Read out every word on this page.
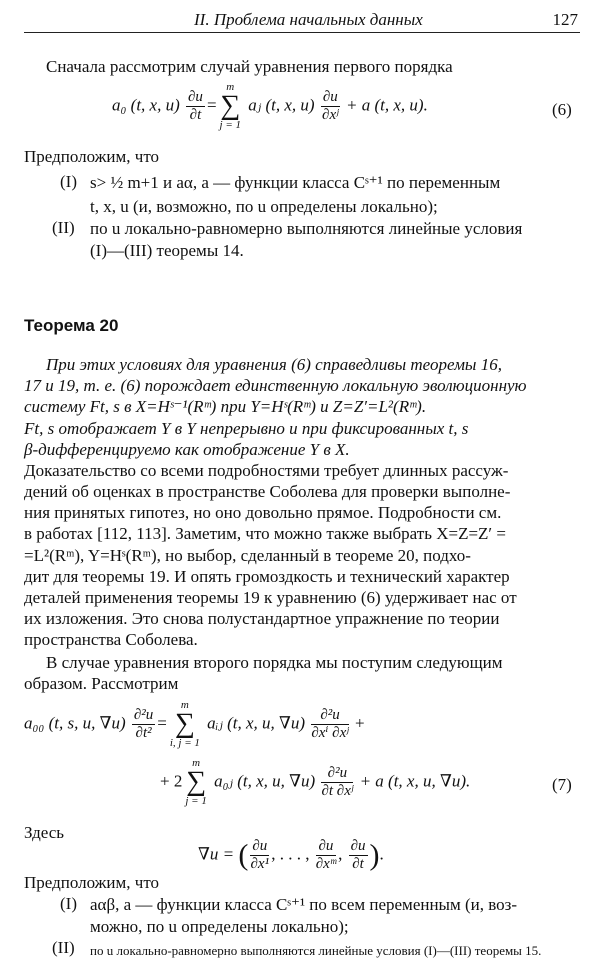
II. Проблема начальных данных	127
Сначала рассмотрим случай уравнения первого порядка
a₀ (t, x, $u) \frac{\partial u}{\partial t}$ =
m
∑
j = 1
aⱼ (t, x, $u) \frac{\partial u}{\text{∂xʲ}} + a$ (t, x, u).	(6)
Предположим, что
(I) s> ½ m+1 и aα, a — функции класса Cˢ⁺¹ по переменным
t, x, u (и, возможно, по u определены локально);
(II) по u локально-равномерно выполняются линейные условия
(I)—(III) теоремы 14.
Теорема 20
При этих условиях для уравнения (6) справедливы теоремы 16,
17 и 19, т. е. (6) порождает единственную локальную эволюционную
систему Ft, s в X=Hˢ⁻¹(Rᵐ) при Y=Hˢ(Rᵐ) и Z=Z′=L²(Rᵐ).
Ft, s отображает Y в Y непрерывно и при фиксированных t, s
β-дифференцируемо как отображение Y в X.
Доказательство со всеми подробностями требует длинных рассуж-
дений об оценках в пространстве Соболева для проверки выполне-
ния принятых гипотез, но оно довольно прямое. Подробности см.
в работах [112, 113]. Заметим, что можно также выбрать X=Z=Z′ =
=L²(Rᵐ), Y=Hˢ(Rᵐ), но выбор, сделанный в теореме 20, подхо-
дит для теоремы 19. И опять громоздкость и технический характер
деталей применения теоремы 19 к уравнению (6) удерживает нас от
их изложения. Это снова полустандартное упражнение по теории
пространства Соболева.
В случае уравнения второго порядка мы поступим следующим
образом. Рассмотрим
a₀₀ (t, s, u, $\nabla u) \frac{\text{∂²u}}{\text{∂t²}}$ =
m
∑
i, j = 1
aᵢⱼ (t, x, u, $\nabla u) \frac{\text{∂²u}}{\text{∂xⁱ ∂xʲ}}$ +
+ 2
m
∑
j = 1
a₀ⱼ (t, x, u, $\nabla u) \frac{\text{∂²u}}{\text{∂t ∂xʲ}} + a$ (t, x, u, ∇u).	(7)
Здесь
∇u = ( $\frac{\partial u}{\text{∂x¹}}$ , . . . , $\frac{\partial u}{\text{∂xᵐ}}$ , $\frac{\partial u}{\partial t}$ ).
Предположим, что
(I) aαβ, a — функции класса Cˢ⁺¹ по всем переменным (и, воз-
можно, по u определены локально);
(II) по u локально-равномерно выполняются линейные условия (I)—(III) теоремы 15.
